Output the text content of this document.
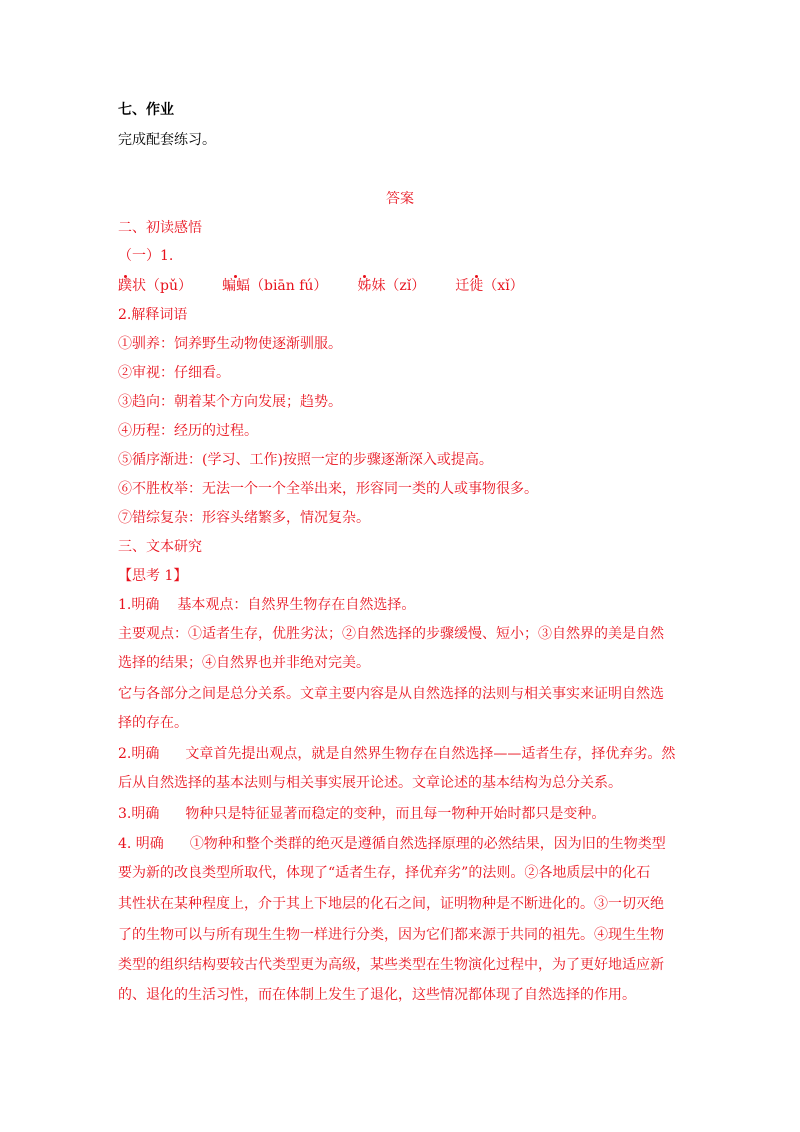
七、作业
完成配套练习。
答案
二、初读感悟
（一）1.
蹼状（pǔ） 蝙蝠（biān fú） 姊妹（zǐ） 迁徙（xǐ）
2.解释词语
①驯养：饲养野生动物使逐渐驯服。
②审视：仔细看。
③趋向：朝着某个方向发展；趋势。
④历程：经历的过程。
⑤循序渐进：(学习、工作)按照一定的步骤逐渐深入或提高。
⑥不胜枚举：无法一个一个全举出来，形容同一类的人或事物很多。
⑦错综复杂：形容头绪繁多，情况复杂。
三、文本研究
【思考 1】
1.明确 基本观点：自然界生物存在自然选择。
主要观点：①适者生存，优胜劣汰；②自然选择的步骤缓慢、短小；③自然界的美是自然
选择的结果；④自然界也并非绝对完美。
它与各部分之间是总分关系。文章主要内容是从自然选择的法则与相关事实来证明自然选
择的存在。
2.明确 文章首先提出观点，就是自然界生物存在自然选择——适者生存，择优弃劣。然
后从自然选择的基本法则与相关事实展开论述。文章论述的基本结构为总分关系。
3.明确 物种只是特征显著而稳定的变种，而且每一物种开始时都只是变种。
4. 明确 ①物种和整个类群的绝灭是遵循自然选择原理的必然结果，因为旧的生物类型
要为新的改良类型所取代，体现了“适者生存，择优弃劣”的法则。②各地质层中的化石
其性状在某种程度上，介于其上下地层的化石之间，证明物种是不断进化的。③一切灭绝
了的生物可以与所有现生生物一样进行分类，因为它们都来源于共同的祖先。④现生生物
类型的组织结构要较古代类型更为高级，某些类型在生物演化过程中，为了更好地适应新
的、退化的生活习性，而在体制上发生了退化，这些情况都体现了自然选择的作用。
